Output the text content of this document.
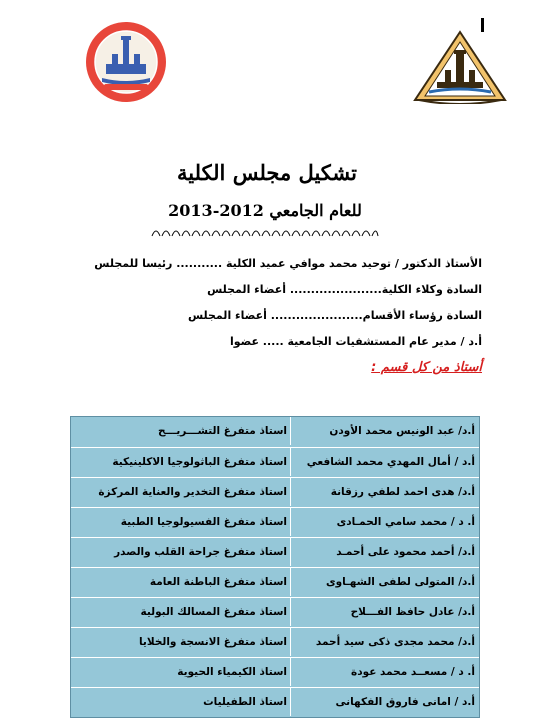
تشكيل مجلس الكلية
للعام الجامعي 2012-2013
الأستاذ الدكتور / توحيد محمد موافي عميد الكلية ........... رئيسا للمجلس
السادة وكلاء الكلية...................... أعضاء المجلس
السادة رؤساء الأقسام...................... أعضاء المجلس
أ.د / مدير عام المستشفيات الجامعية ..... عضوا
أستاذ من كل قسم :
أ.د/ عبد الونيس محمد الأودن
استاذ متفرغ التشـــريـــح
أ.د / أمال المهدي محمد الشافعي
استاذ متفرغ الباثولوجيا الاكلينيكية
أ.د/ هدى احمد لطفي رزقانة
استاذ متفرغ التخدير والعناية المركزة
أ. د / محمد سامي الحمـادى
استاذ متفرغ الفسيولوجيا الطبية
أ.د/ أحمد محمود على أحمـد
استاذ متفرغ جراحة القلب والصدر
أ.د/ المتولى لطفى الشهـاوى
استاذ متفرغ الباطنة العامة
أ.د/ عادل حافظ الفـــلاح
استاذ متفرغ المسالك البولية
أ.د/ محمد مجدى ذكى سيد أحمد
استاذ متفرغ الانسجة والخلايا
أ. د / مسعــد محمد عودة
استاذ الكيمياء الحيوية
أ.د / امانى فاروق الفكهانى
استاذ الطفيليات
